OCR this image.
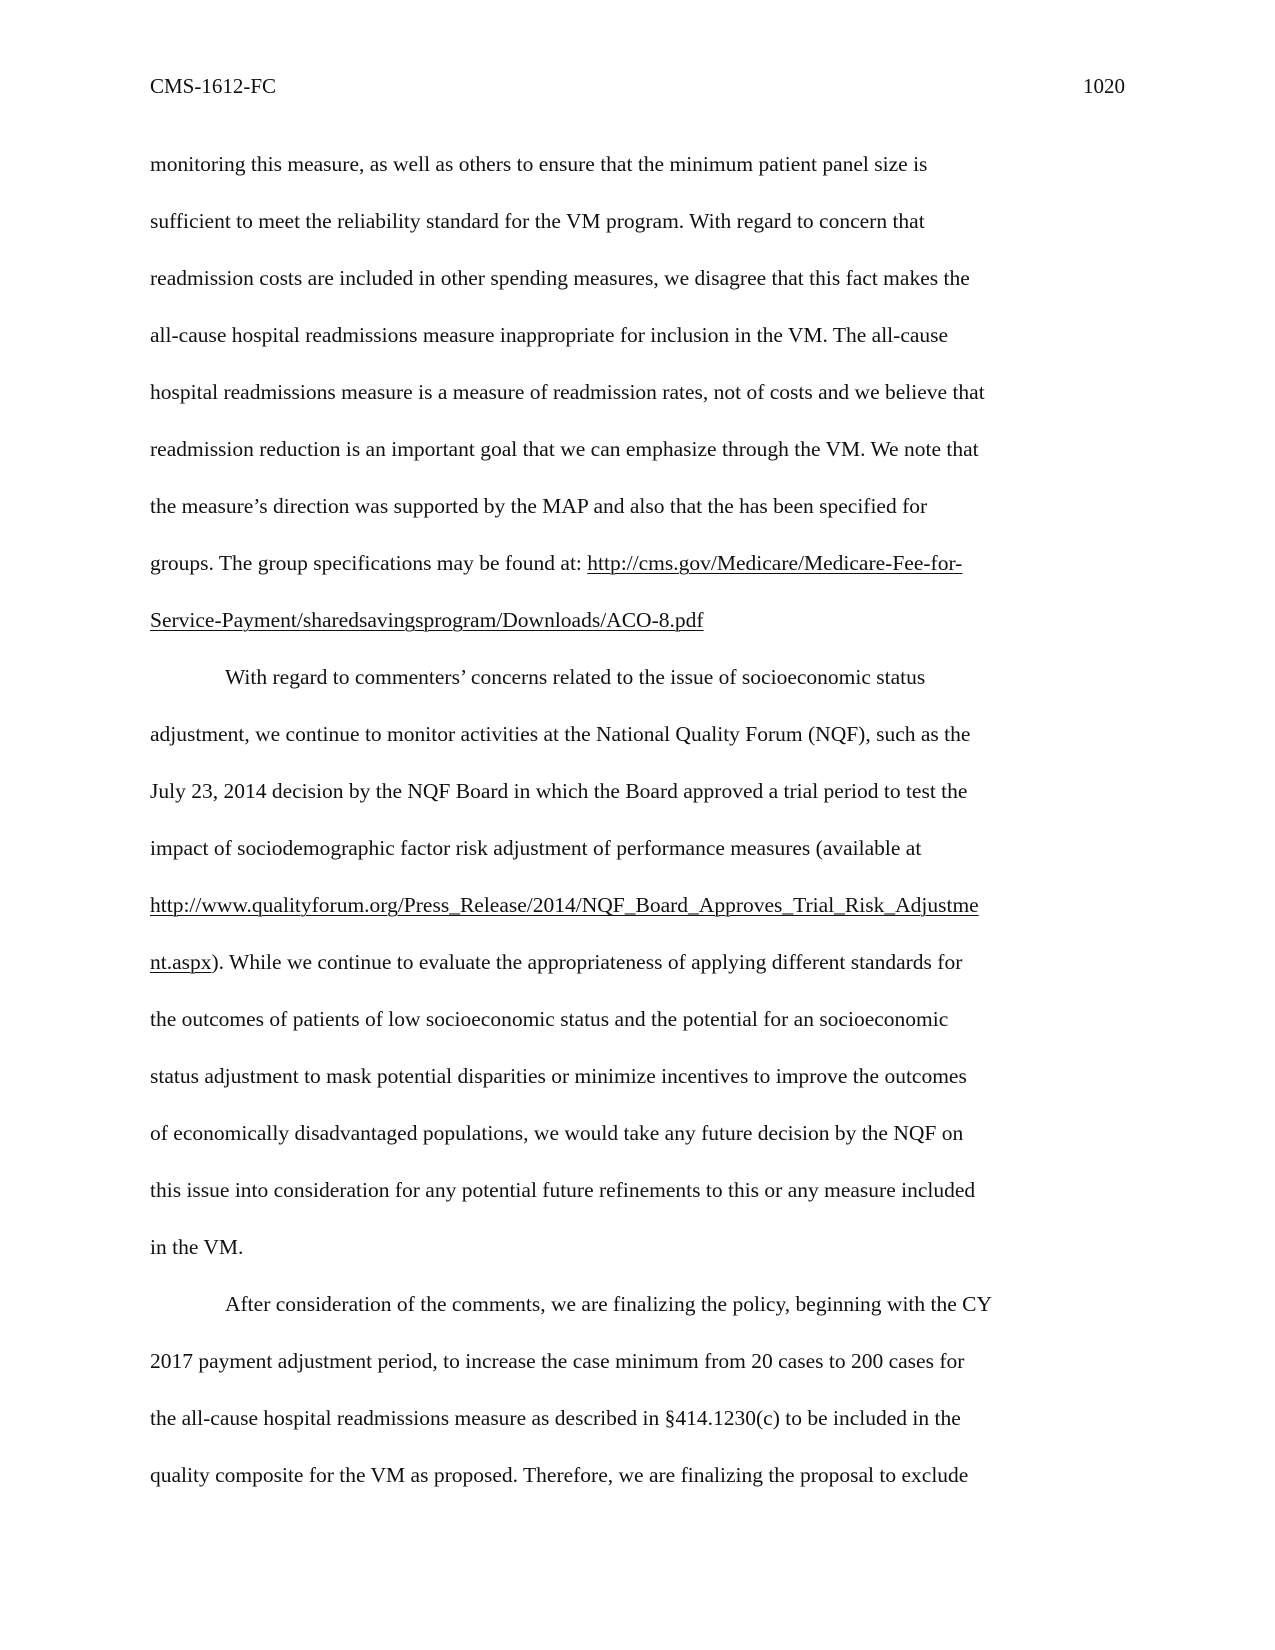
CMS-1612-FC	1020
monitoring this measure, as well as others to ensure that the minimum patient panel size is
sufficient to meet the reliability standard for the VM program. With regard to concern that
readmission costs are included in other spending measures, we disagree that this fact makes the
all-cause hospital readmissions measure inappropriate for inclusion in the VM. The all-cause
hospital readmissions measure is a measure of readmission rates, not of costs and we believe that
readmission reduction is an important goal that we can emphasize through the VM. We note that
the measure’s direction was supported by the MAP and also that the has been specified for
groups. The group specifications may be found at: http://cms.gov/Medicare/Medicare-Fee-for-
Service-Payment/sharedsavingsprogram/Downloads/ACO-8.pdf
With regard to commenters’ concerns related to the issue of socioeconomic status
adjustment, we continue to monitor activities at the National Quality Forum (NQF), such as the
July 23, 2014 decision by the NQF Board in which the Board approved a trial period to test the
impact of sociodemographic factor risk adjustment of performance measures (available at
http://www.qualityforum.org/Press_Release/2014/NQF_Board_Approves_Trial_Risk_Adjustme
nt.aspx). While we continue to evaluate the appropriateness of applying different standards for
the outcomes of patients of low socioeconomic status and the potential for an socioeconomic
status adjustment to mask potential disparities or minimize incentives to improve the outcomes
of economically disadvantaged populations, we would take any future decision by the NQF on
this issue into consideration for any potential future refinements to this or any measure included
in the VM.
After consideration of the comments, we are finalizing the policy, beginning with the CY
2017 payment adjustment period, to increase the case minimum from 20 cases to 200 cases for
the all-cause hospital readmissions measure as described in §414.1230(c) to be included in the
quality composite for the VM as proposed. Therefore, we are finalizing the proposal to exclude
